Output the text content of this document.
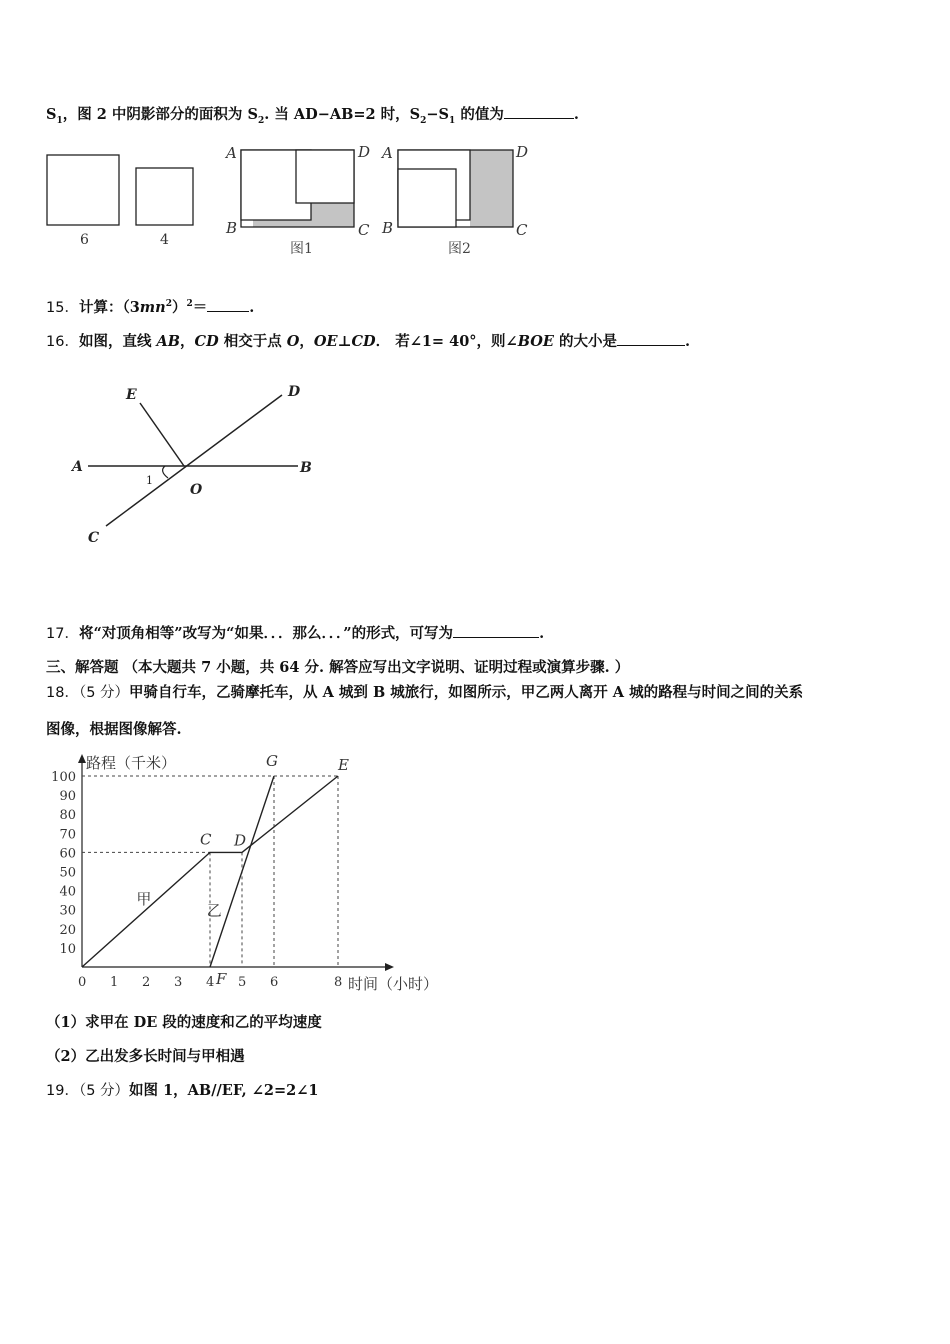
$S_1$，图 2 中阴影部分的面积为 $S_2$. 当 AD−AB=2 时，$S_2-S_1$ 的值为	.
6	4
A	D
B	C
图1
A	D
B	C
图2
15．计算：$(3mn^2)^2=$	.
16．如图，直线 AB，CD 相交于点 O，OE⊥CD． 若∠1= 40°，则∠BOE 的大小是	.
E	D
A	B
C
O
1
17．将“对顶角相等”改写为“如果．．．那么．．．”的形式，可写为	.
三、解答题 （本大题共 7 小题，共 64 分. 解答应写出文字说明、证明过程或演算步骤. ）
18．（5 分）甲骑自行车，乙骑摩托车，从 A 城到 B 城旅行，如图所示，甲乙两人离开 A 城的路程与时间之间的关系
图像，根据图像解答.
10
20
30
40
50
60
70
80
90
100
0 1 2 3 4 5 6	8
路程（千米）
时间（小时）
甲
乙
C D
G	E
F
（1）求甲在 DE 段的速度和乙的平均速度
（2）乙出发多长时间与甲相遇
19．（5 分）如图 1，AB//EF, ∠2=2∠1
